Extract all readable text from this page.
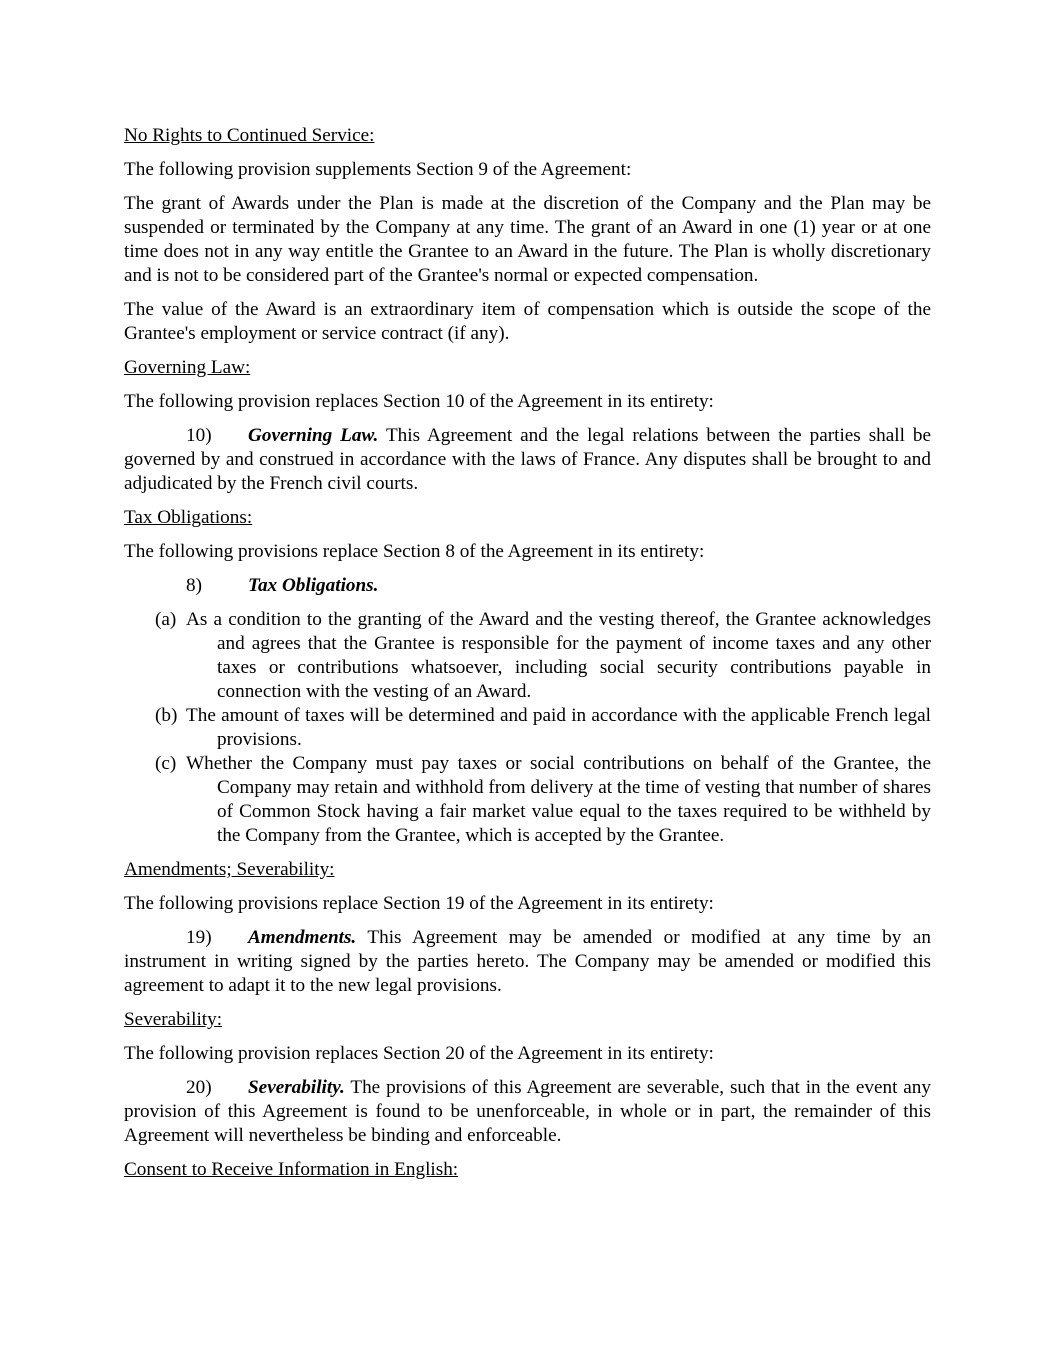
No Rights to Continued Service:

The following provision supplements Section 9 of the Agreement:

The grant of Awards under the Plan is made at the discretion of the Company and the Plan may be suspended or terminated by the Company at any time. The grant of an Award in one (1) year or at one time does not in any way entitle the Grantee to an Award in the future. The Plan is wholly discretionary and is not to be considered part of the Grantee's normal or expected compensation.

The value of the Award is an extraordinary item of compensation which is outside the scope of the Grantee's employment or service contract (if any).

Governing Law:

The following provision replaces Section 10 of the Agreement in its entirety:

10) Governing Law. This Agreement and the legal relations between the parties shall be governed by and construed in accordance with the laws of France. Any disputes shall be brought to and adjudicated by the French civil courts.

Tax Obligations:

The following provisions replace Section 8 of the Agreement in its entirety:

8) Tax Obligations.

(a) As a condition to the granting of the Award and the vesting thereof, the Grantee acknowledges and agrees that the Grantee is responsible for the payment of income taxes and any other taxes or contributions whatsoever, including social security contributions payable in connection with the vesting of an Award.

(b) The amount of taxes will be determined and paid in accordance with the applicable French legal provisions.

(c) Whether the Company must pay taxes or social contributions on behalf of the Grantee, the Company may retain and withhold from delivery at the time of vesting that number of shares of Common Stock having a fair market value equal to the taxes required to be withheld by the Company from the Grantee, which is accepted by the Grantee.

Amendments; Severability:

The following provisions replace Section 19 of the Agreement in its entirety:

19) Amendments. This Agreement may be amended or modified at any time by an instrument in writing signed by the parties hereto. The Company may be amended or modified this agreement to adapt it to the new legal provisions.

Severability:

The following provision replaces Section 20 of the Agreement in its entirety:

20) Severability. The provisions of this Agreement are severable, such that in the event any provision of this Agreement is found to be unenforceable, in whole or in part, the remainder of this Agreement will nevertheless be binding and enforceable.

Consent to Receive Information in English:
